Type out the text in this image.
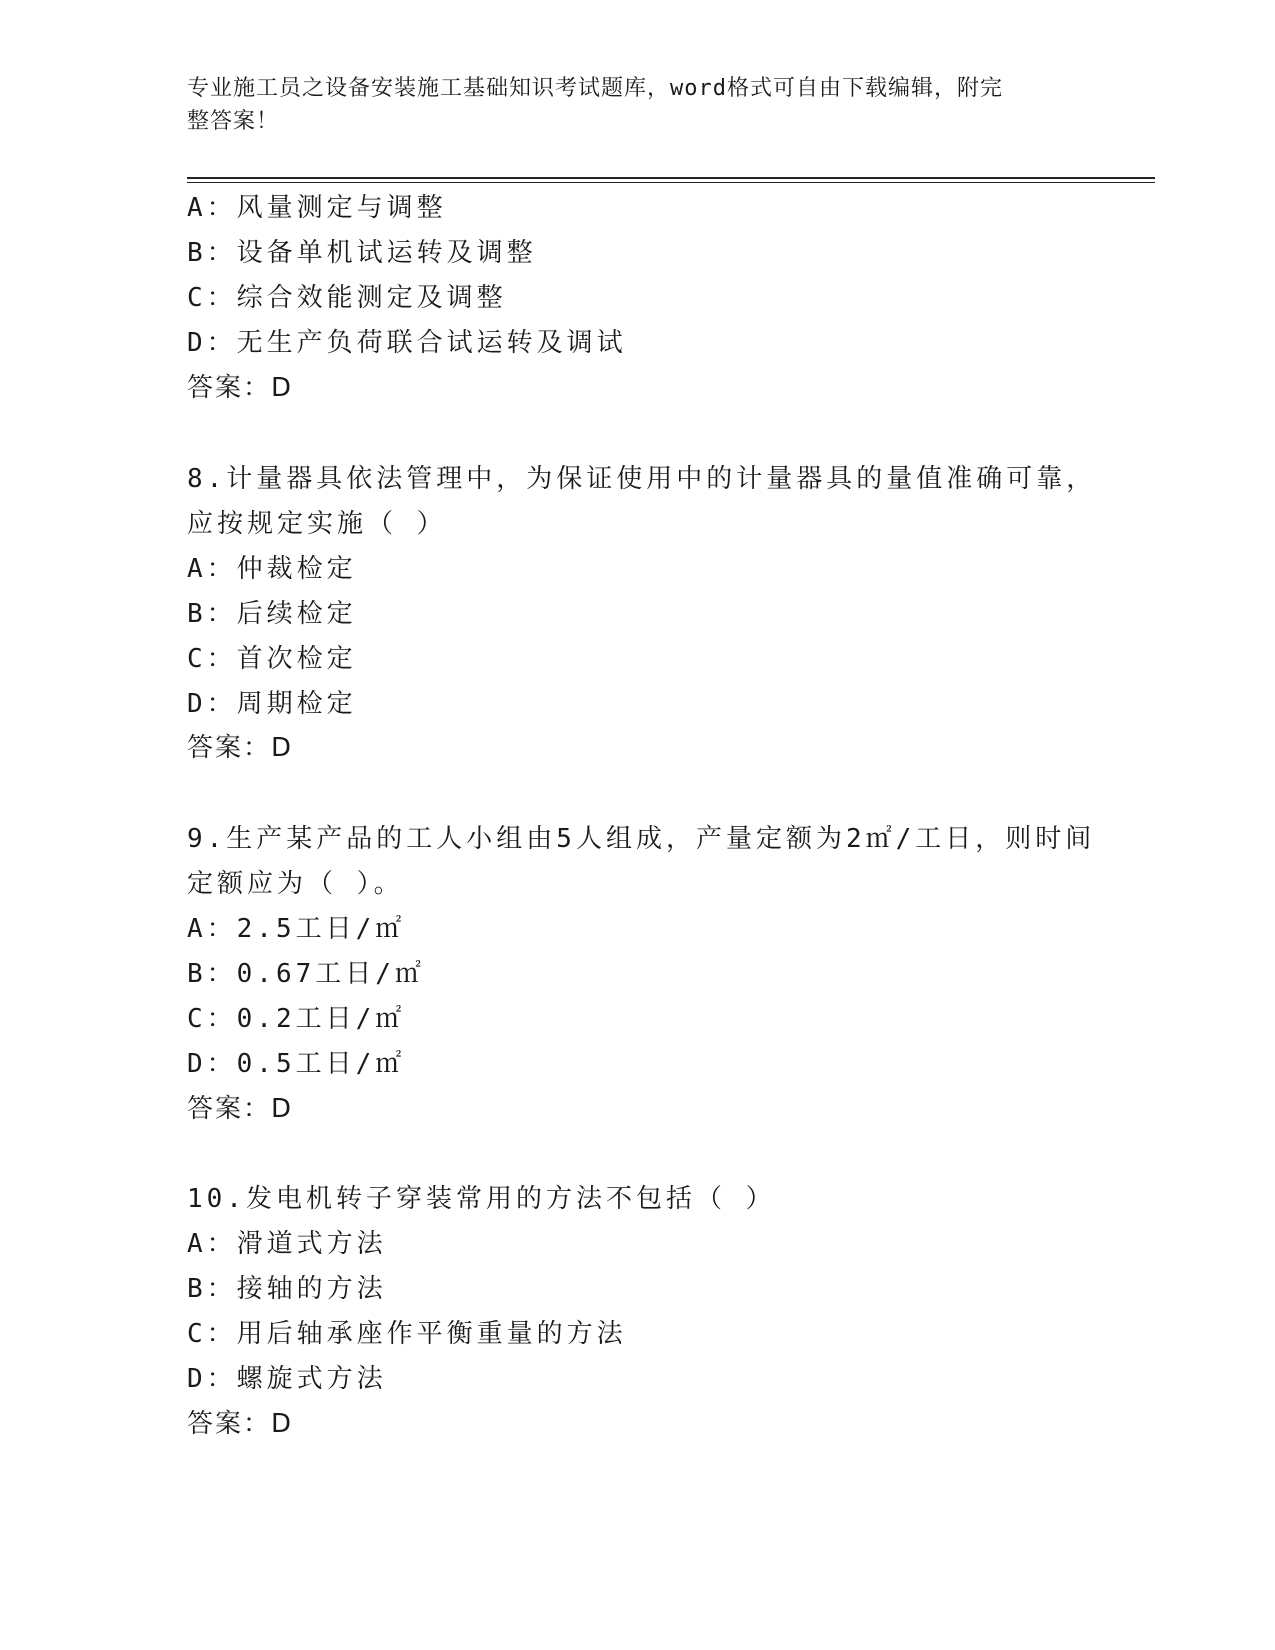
专业施工员之设备安装施工基础知识考试题库，word格式可自由下载编辑，附完
整答案！
A：风量测定与调整
B：设备单机试运转及调整
C：综合效能测定及调整
D：无生产负荷联合试运转及调试
答案：D
8.计量器具依法管理中，为保证使用中的计量器具的量值准确可靠，
应按规定实施（ ）
A：仲裁检定
B：后续检定
C：首次检定
D：周期检定
答案：D
9.生产某产品的工人小组由5人组成，产量定额为2㎡/工日，则时间
定额应为（ ）。
A：2.5工日/㎡
B：0.67工日/㎡
C：0.2工日/㎡
D：0.5工日/㎡
答案：D
10.发电机转子穿装常用的方法不包括（ ）
A：滑道式方法
B：接轴的方法
C：用后轴承座作平衡重量的方法
D：螺旋式方法
答案：D
